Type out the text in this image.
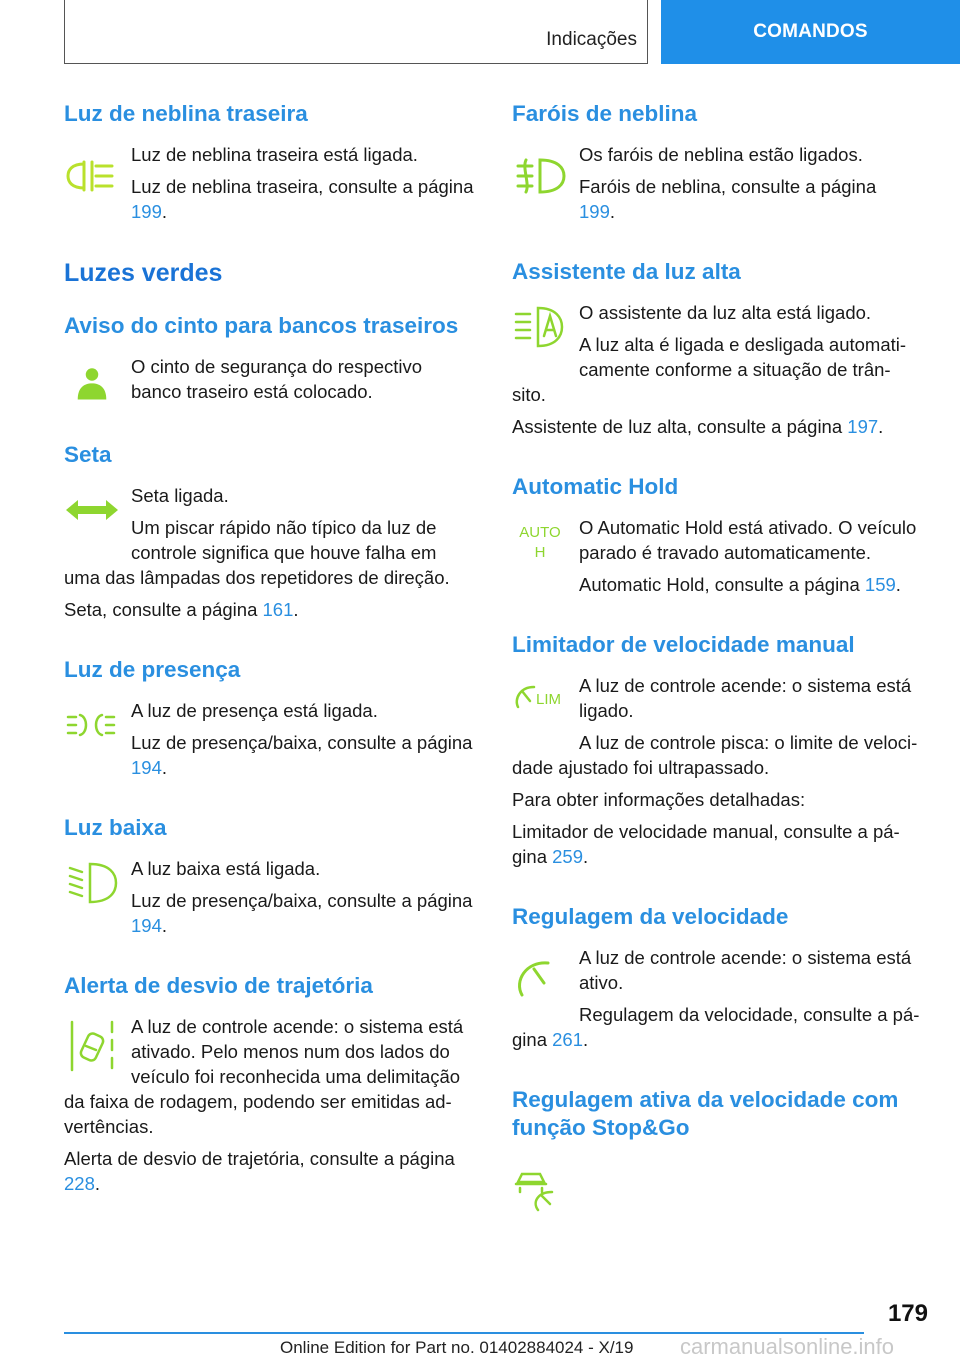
Indicações	COMANDOS
Luz de neblina traseira

Luz de neblina traseira está ligada.

Luz de neblina traseira, consulte a página
199.

Luzes verdes
Aviso do cinto para bancos traseiros

O cinto de segurança do respectivo
banco traseiro está colocado.

Seta

Seta ligada.

Um piscar rápido não típico da luz de
controle significa que houve falha em
uma das lâmpadas dos repetidores de direção.

Seta, consulte a página 161.

Luz de presença

A luz de presença está ligada.

Luz de presença/baixa, consulte a página
194.

Luz baixa

A luz baixa está ligada.

Luz de presença/baixa, consulte a página
194.

Alerta de desvio de trajetória

A luz de controle acende: o sistema está
ativado. Pelo menos num dos lados do
veículo foi reconhecida uma delimitação
da faixa de rodagem, podendo ser emitidas ad-
vertências.

Alerta de desvio de trajetória, consulte a página
228.

Faróis de neblina

Os faróis de neblina estão ligados.

Faróis de neblina, consulte a página
199.

Assistente da luz alta

O assistente da luz alta está ligado.

A luz alta é ligada e desligada automati-
camente conforme a situação de trân-
sito.

Assistente de luz alta, consulte a página 197.

Automatic Hold
AUTO H

O Automatic Hold está ativado. O veículo
parado é travado automaticamente.

Automatic Hold, consulte a página 159.

Limitador de velocidade manual
LIM

A luz de controle acende: o sistema está
ligado.

A luz de controle pisca: o limite de veloci-
dade ajustado foi ultrapassado.

Para obter informações detalhadas:

Limitador de velocidade manual, consulte a pá-
gina 259.

Regulagem da velocidade

A luz de controle acende: o sistema está
ativo.

Regulagem da velocidade, consulte a pá-
gina 261.

Regulagem ativa da velocidade com
função Stop&Go
179
Online Edition for Part no. 01402884024 - X/19 carmanualsonline.info
